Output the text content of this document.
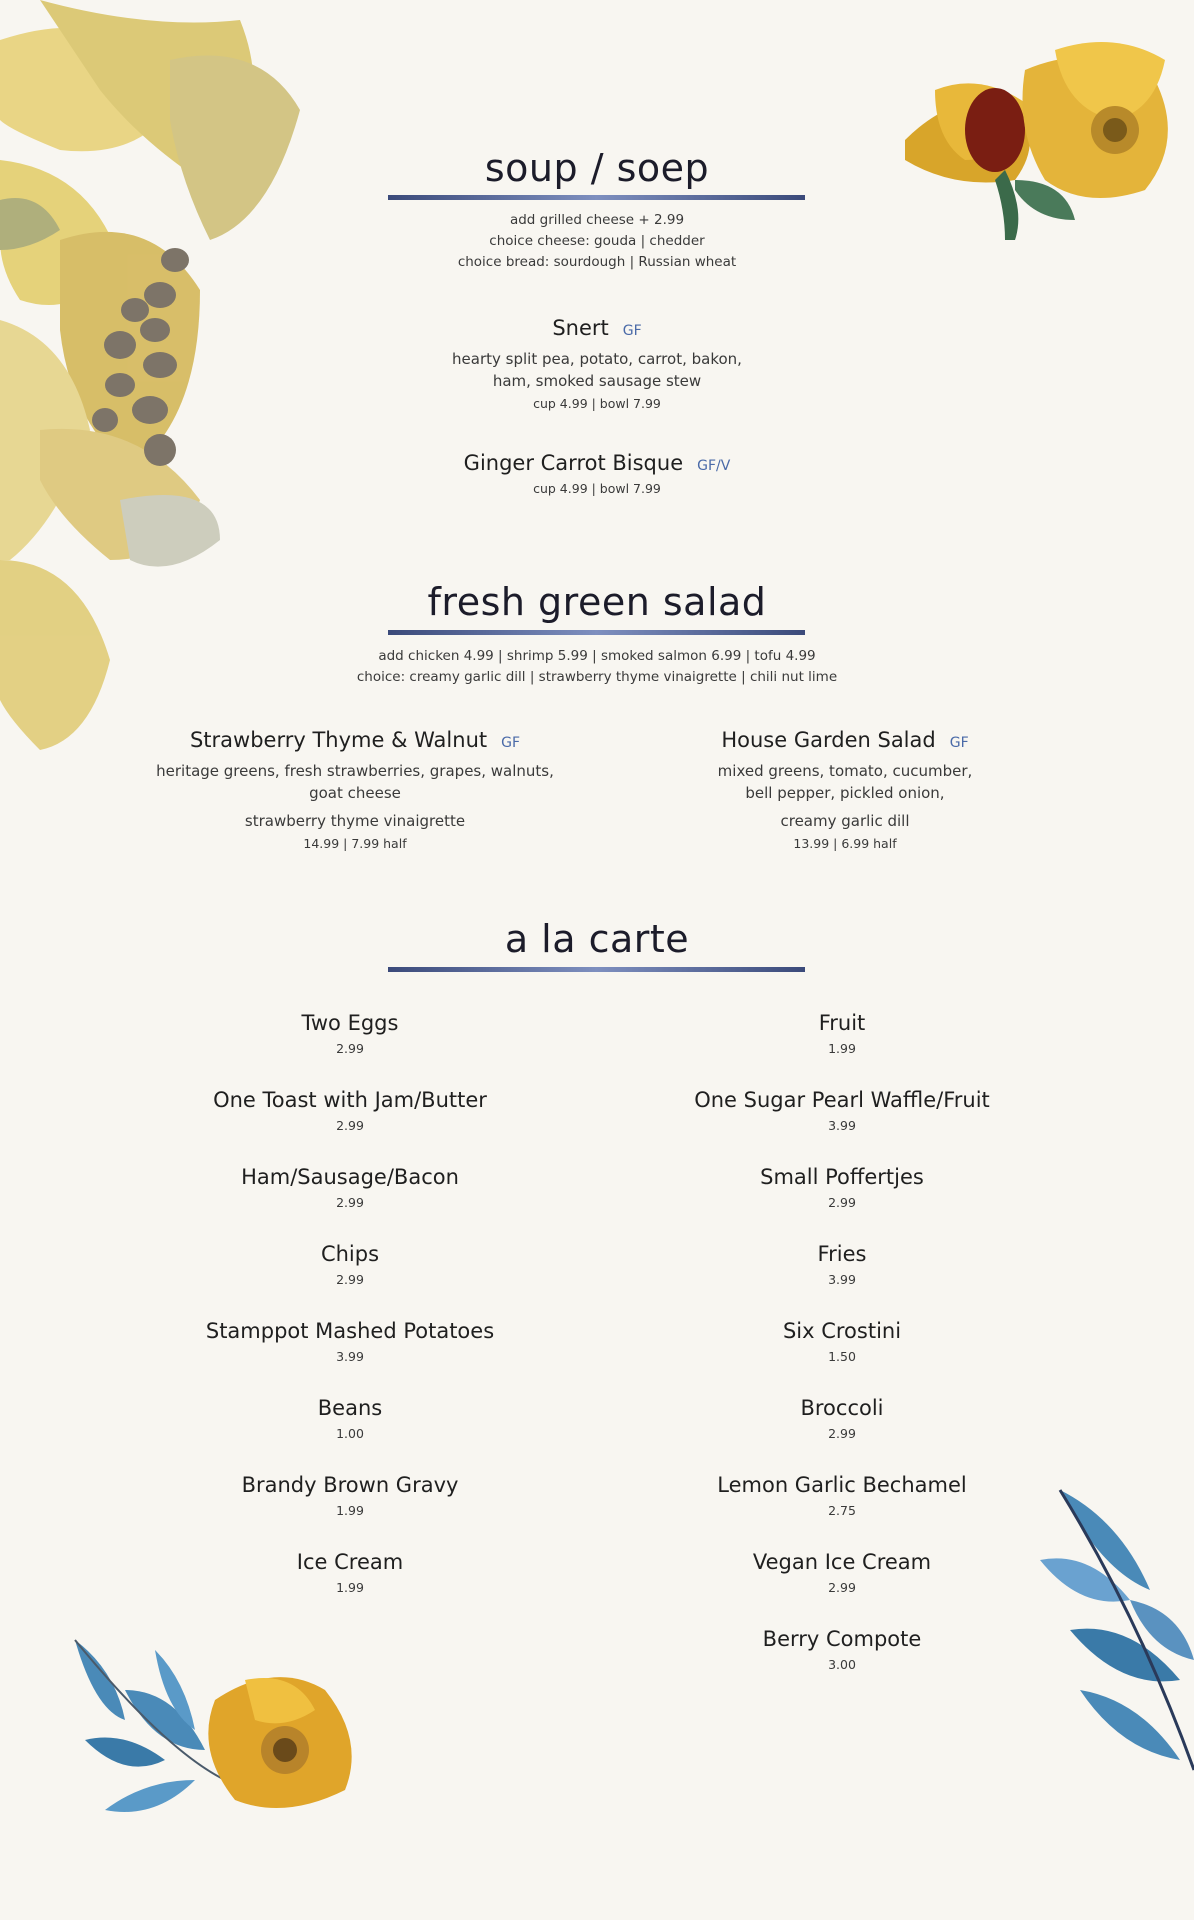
soup / soep
add grilled cheese + 2.99
choice cheese: gouda | chedder
choice bread: sourdough | Russian wheat
Snert GF
hearty split pea, potato, carrot, bakon,
ham, smoked sausage stew
cup 4.99 | bowl 7.99
Ginger Carrot Bisque GF/V
cup 4.99 | bowl 7.99
fresh green salad
add chicken 4.99 | shrimp 5.99 | smoked salmon 6.99 | tofu 4.99
choice: creamy garlic dill | strawberry thyme vinaigrette | chili nut lime
Strawberry Thyme & Walnut GF
heritage greens, fresh strawberries, grapes, walnuts,
goat cheese
strawberry thyme vinaigrette
14.99 | 7.99 half
House Garden Salad GF
mixed greens, tomato, cucumber,
bell pepper, pickled onion,
creamy garlic dill
13.99 | 6.99 half
a la carte
Two Eggs
2.99
One Toast with Jam/Butter
2.99
Ham/Sausage/Bacon
2.99
Chips
2.99
Stamppot Mashed Potatoes
3.99
Beans
1.00
Brandy Brown Gravy
1.99
Ice Cream
1.99
Fruit
1.99
One Sugar Pearl Waffle/Fruit
3.99
Small Poffertjes
2.99
Fries
3.99
Six Crostini
1.50
Broccoli
2.99
Lemon Garlic Bechamel
2.75
Vegan Ice Cream
2.99
Berry Compote
3.00
